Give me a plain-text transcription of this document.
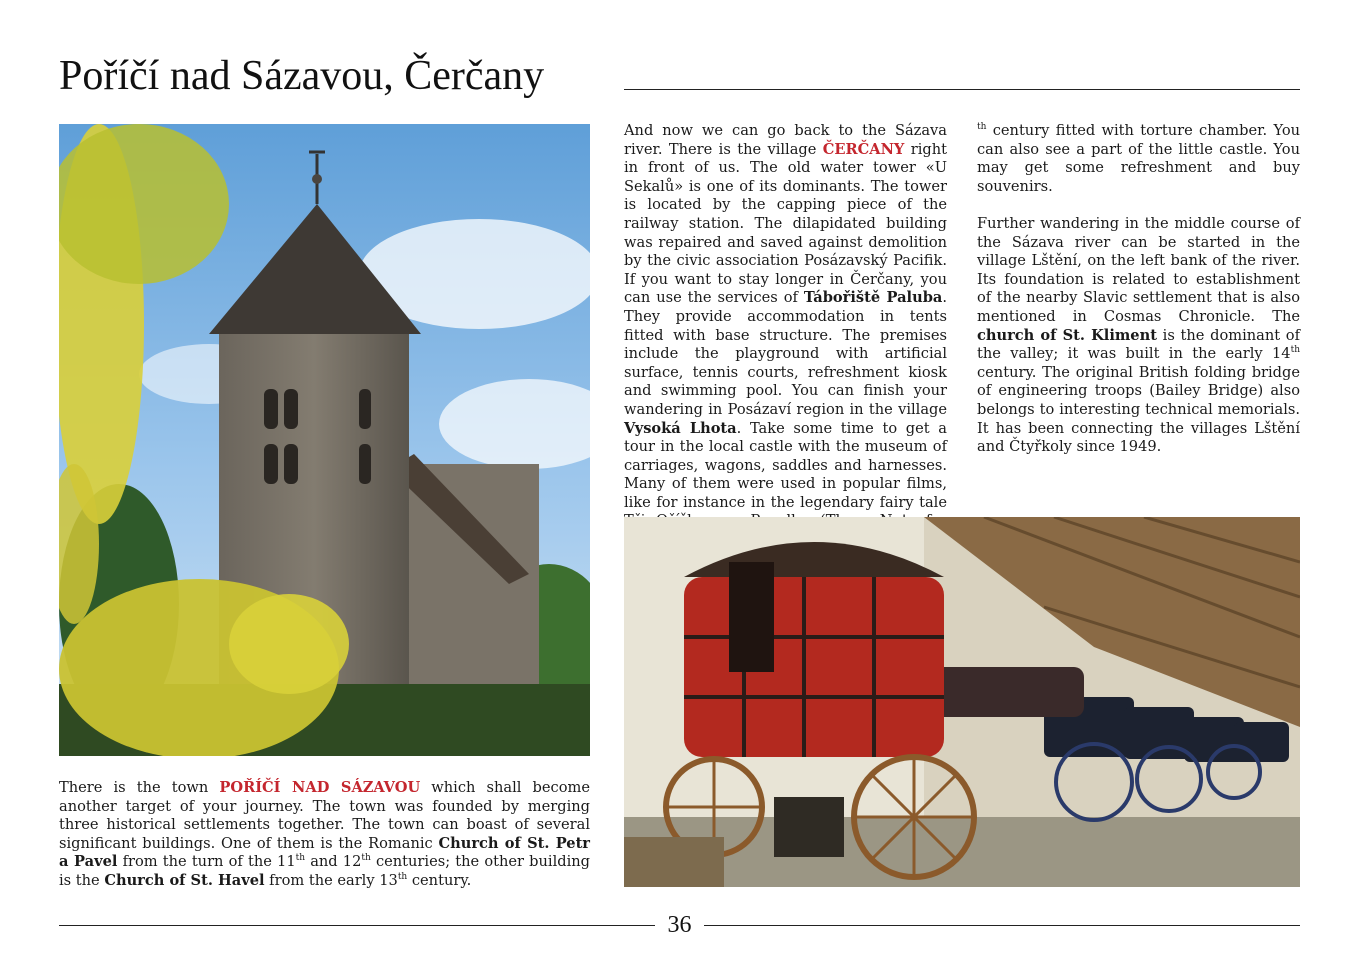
Poříčí nad Sázavou, Čerčany
There is the town POŘÍČÍ NAD SÁZAVOU which shall become another target of your journey. The town was founded by merging three historical settlements together. The town can boast of several significant buildings. One of them is the Romanic Church of St. Petr a Pavel from the turn of the 11th and 12th centuries; the other building is the Church of St. Havel from the early 13th century.
And now we can go back to the Sázava river. There is the village ČERČANY right in front of us. The old water tower «U Sekalů» is one of its dominants. The tower is located by the capping piece of the railway station. The dilapidated building was repaired and saved against demolition by the civic association Posázavský Pacifik. If you want to stay longer in Čerčany, you can use the services of Tábořiště Paluba. They provide accommodation in tents fitted with base structure. The premises include the playground with artificial surface, tennis courts, refreshment kiosk and swimming pool. You can finish your wandering in Posázaví region in the village Vysoká Lhota. Take some time to get a tour in the local castle with the museum of carriages, wagons, saddles and harnesses. Many of them were used in popular films, like for instance in the legendary fairy tale

$^{th}$ century fitted with torture chamber. You can also see a part of the little castle. You may get some refreshment and buy souvenirs.

Further wandering in the middle course of the Sázava river can be started in the village Lštění, on the left bank of the river. Its foundation is related to establishment of the nearby Slavic settlement that is also mentioned in Cosmas Chronicle. The church of St. Kliment is the dominant of the valley; it was built in the early 14th century. The original British folding bridge of engineering troops (Bailey Bridge) also belongs to interesting technical memorials. It has been connecting the villages Lštění and Čtyřkoly since 1949.

36
